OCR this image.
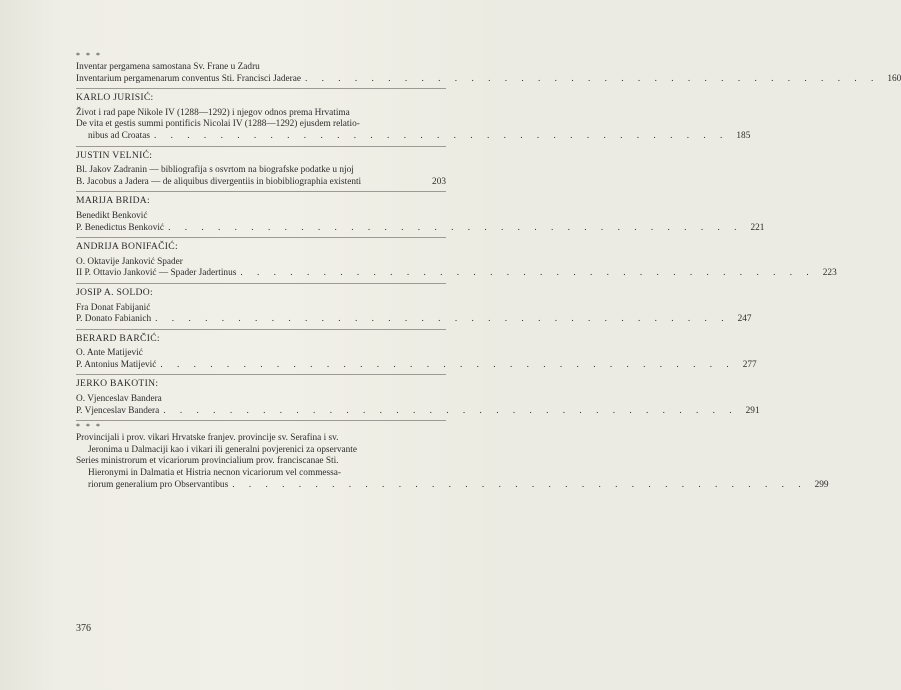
* * *
Inventar pergamena samostana Sv. Frane u Zadru
Inventarium pergamenarum conventus Sti. Francisci Jaderae . . . . . . . . . . . . . . . . . . . . . . . . . . . . . . . . . . . 160
KARLO JURISIĆ:
Život i rad pape Nikole IV (1288—1292) i njegov odnos prema Hrvatima
De vita et gestis summi pontificis Nicolai IV (1288—1292) ejusdem relatio-
nibus ad Croatas . . . . . . . . . . . . . . . . . . . . . . . . . . . . . . . . . . . 185
JUSTIN VELNIĆ:
Bl. Jakov Zadranin — bibliografija s osvrtom na biografske podatke u njoj
B. Jacobus a Jadera — de aliquibus divergentiis in biobibliographia existenti	203
MARIJA BRIDA:
Benedikt Benković
P. Benedictus Benković . . . . . . . . . . . . . . . . . . . . . . . . . . . . . . . . . . . 221
ANDRIJA BONIFAČIĆ:
O. Oktavije Janković Spader
II P. Ottavio Janković — Spader Jadertinus . . . . . . . . . . . . . . . . . . . . . . . . . . . . . . . . . . . 223
JOSIP A. SOLDO:
Fra Donat Fabijanić
P. Donato Fabianich . . . . . . . . . . . . . . . . . . . . . . . . . . . . . . . . . . . 247
BERARD BARČIĆ:
O. Ante Matijević
P. Antonius Matijević . . . . . . . . . . . . . . . . . . . . . . . . . . . . . . . . . . . 277
JERKO BAKOTIN:
O. Vjenceslav Bandera
P. Vjenceslav Bandera . . . . . . . . . . . . . . . . . . . . . . . . . . . . . . . . . . . 291
* * *
Provincijali i prov. vikari Hrvatske franjev. provincije sv. Serafina i sv.
Jeronima u Dalmaciji kao i vikari ili generalni povjerenici za opservante
Series ministrorum et vicariorum provincialium prov. franciscanae Sti.
Hieronymi in Dalmatia et Histria necnon vicariorum vel commessa-
riorum generalium pro Observantibus . . . . . . . . . . . . . . . . . . . . . . . . . . . . . . . . . . . 299
376
